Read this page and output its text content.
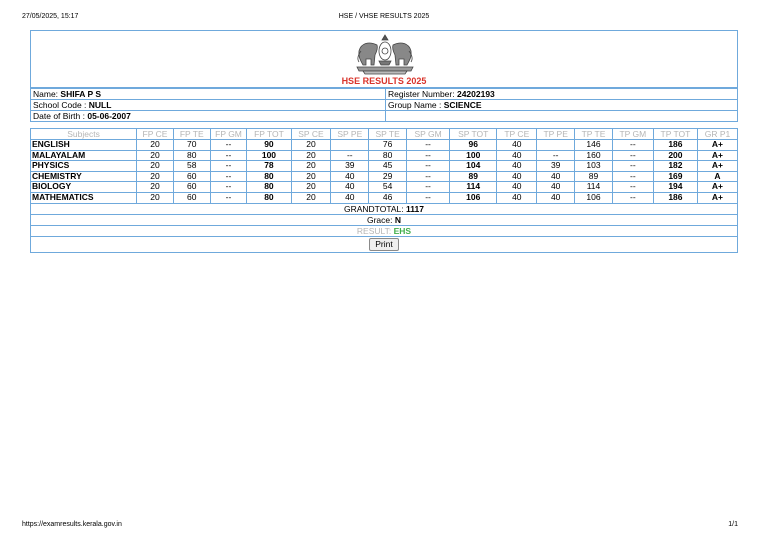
27/05/2025, 15:17	HSE / VHSE RESULTS 2025
HSE RESULTS 2025
Name: SHIFA P S	Register Number: 24202193
School Code : NULL	Group Name : SCIENCE
Date of Birth : 05-06-2007	
Subjects	FP CE	FP TE	FP GM	FP TOT	SP CE	SP PE	SP TE	SP GM	SP TOT	TP CE	TP PE	TP TE	TP GM	TP TOT	GR P1
ENGLISH	20	70	--	90	20		76	--	96	40		146	--	186	A+
MALAYALAM	20	80	--	100	20	--	80	--	100	40	--	160	--	200	A+
PHYSICS	20	58	--	78	20	39	45	--	104	40	39	103	--	182	A+
CHEMISTRY	20	60	--	80	20	40	29	--	89	40	40	89	--	169	A
BIOLOGY	20	60	--	80	20	40	54	--	114	40	40	114	--	194	A+
MATHEMATICS	20	60	--	80	20	40	46	--	106	40	40	106	--	186	A+
GRANDTOTAL: 1117															
Grace: N															
RESULT: EHS															
Print															
https://examresults.kerala.gov.in	1/1
